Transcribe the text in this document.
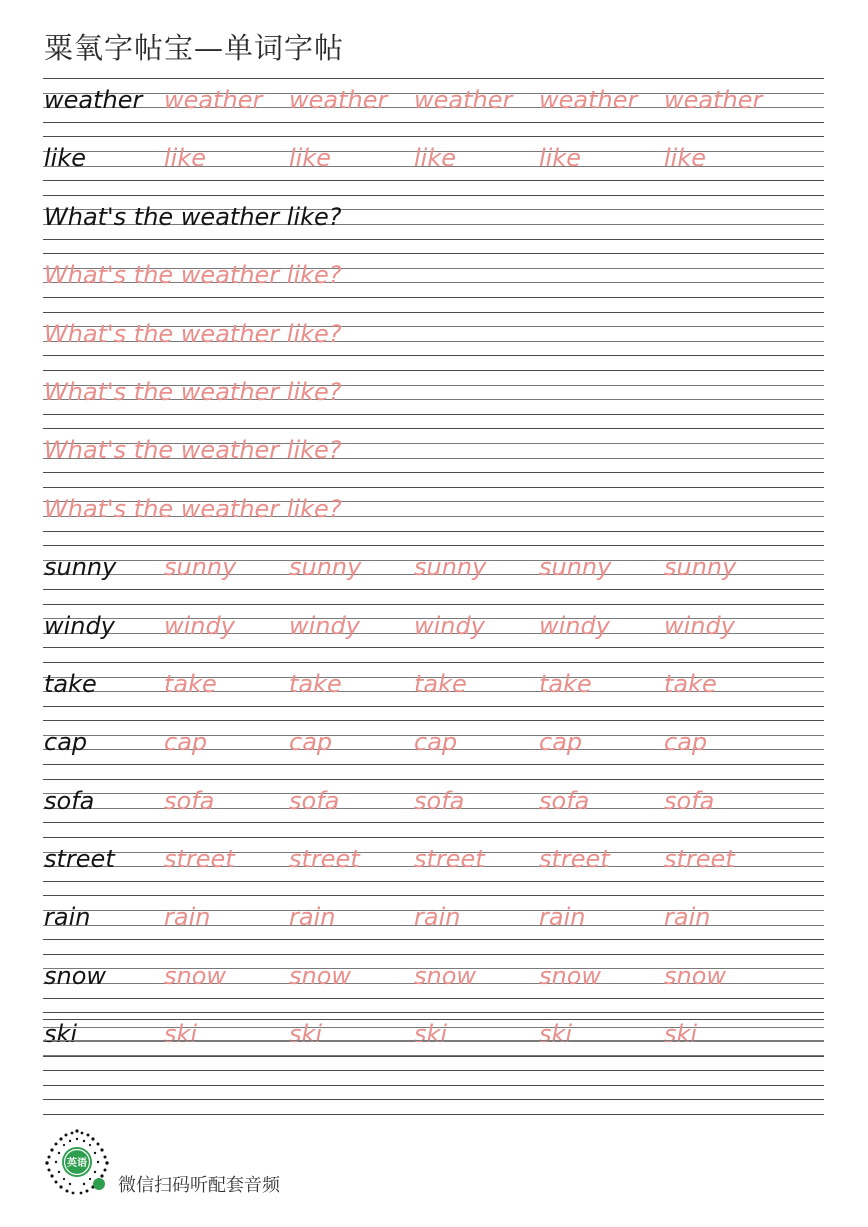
粟氧字帖宝—单词字帖
weather weather weather weather weather weather
like	like	like	like	like	like
What's the weather like?
What's the weather like?
What's the weather like?
What's the weather like?
What's the weather like?
What's the weather like?
sunny sunny sunny sunny sunny sunny
windy windy windy windy windy windy
take	take	take	take	take	take
cap	cap	cap	cap	cap	cap
sofa	sofa	sofa	sofa	sofa	sofa
street street street street street street
rain	rain	rain	rain	rain	rain
snow snow	snow	snow	snow	snow
ski	ski	ski	ski	ski	ski
英语
微信扫码听配套音频
